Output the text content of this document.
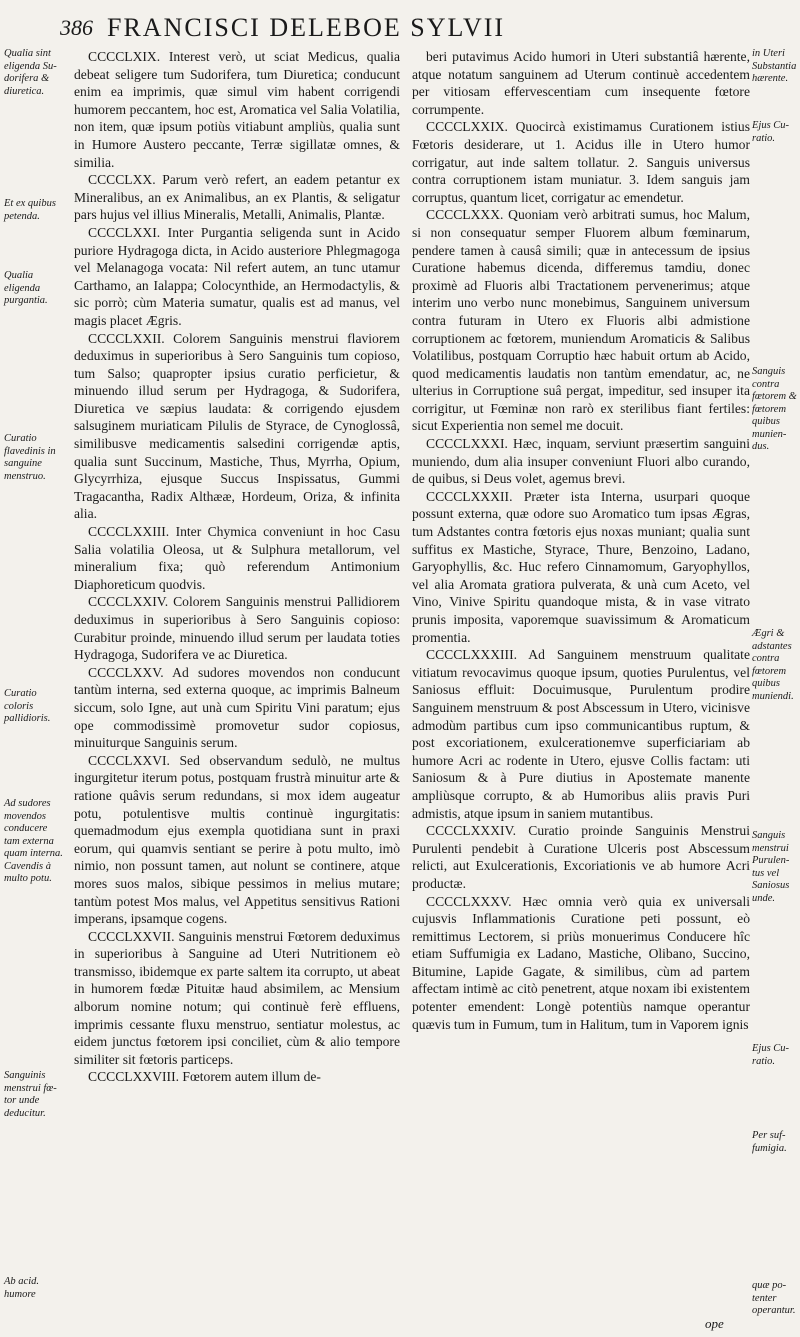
386 FRANCISCI DELEBOE SYLVII
Qualia sint eligenda Sudorifera & diuretica.
Et ex quibus petenda.
Qualia eligenda purgantia.
Curatio flavedinis in sanguine menstruo.
Curatio coloris pallidioris.
Ad sudores movendos conducere tam externa quam interna. Cavendis à multo potu.
Sanguinis menstrui fœtor unde deducitur.
Ab acid. humore

CCCCLXIX. Interest verò, ut sciat Medicus, qualia debeat seligere tum Sudorifera, tum Diuretica; conducunt enim ea imprimis, quæ simul vim habent corrigendi humorem peccantem, hoc est, Aromatica vel Salia Volatilia, non item, quæ ipsum potiùs vitiabunt ampliùs, qualia sunt in Humore Austero peccante, Terræ sigillatæ omnes, & similia.

CCCCLXX. Parum verò refert, an eadem petantur ex Mineralibus, an ex Animalibus, an ex Plantis, & seligatur pars hujus vel illius Mineralis, Metalli, Animalis, Plantæ.

CCCCLXXI. Inter Purgantia seligenda sunt in Acido puriore Hydragoga dicta, in Acido austeriore Phlegmagoga vel Melanagoga vocata: Nil refert autem, an tunc utamur Carthamo, an Ialappa; Colocynthide, an Hermodactylis, & sic porrò; cùm Materia sumatur, qualis est ad manus, vel magis placet Ægris.

CCCCLXXII. Colorem Sanguinis menstrui flaviorem deduximus in superioribus à Sero Sanguinis tum copioso, tum Salso; quapropter ipsius curatio perficietur, & minuendo illud serum per Hydragoga, & Sudorifera, Diuretica ve sæpius laudata: & corrigendo ejusdem salsuginem muriaticam Pilulis de Styrace, de Cynoglossâ, similibusve medicamentis salsedini corrigendæ aptis, qualia sunt Succinum, Mastiche, Thus, Myrrha, Opium, Glycyrrhiza, ejusque Succus Inspissatus, Gummi Tragacantha, Radix Althææ, Hordeum, Oriza, & infinita alia.

CCCCLXXIII. Inter Chymica conveniunt in hoc Casu Salia volatilia Oleosa, ut & Sulphura metallorum, vel mineralium fixa; quò referendum Antimonium Diaphoreticum quodvis.

CCCCLXXIV. Colorem Sanguinis menstrui Pallidiorem deduximus in superioribus à Sero Sanguinis copioso: Curabitur proinde, minuendo illud serum per laudata toties Hydragoga, Sudorifera ve ac Diuretica.

CCCCLXXV. Ad sudores movendos non conducunt tantùm interna, sed externa quoque, ac imprimis Balneum siccum, solo Igne, aut unà cum Spiritu Vini paratum; ejus ope commodissimè promovetur sudor copiosus, minuiturque Sanguinis serum.

CCCCLXXVI. Sed observandum sedulò, ne multus ingurgitetur iterum potus, postquam frustrà minuitur arte & ratione quâvis serum redundans, si mox idem augeatur potu, potulentisve multis continuè ingurgitatis: quemadmodum ejus exempla quotidiana sunt in praxi eorum, qui quamvis sentiant se perire à potu multo, imò nimio, non possunt tamen, aut nolunt se continere, atque mores suos malos, sibique pessimos in melius mutare; tantùm potest Mos malus, vel Appetitus sensitivus Rationi imperans, ipsamque cogens.

CCCCLXXVII. Sanguinis menstrui Fœtorem deduximus in superioribus à Sanguine ad Uteri Nutritionem eò transmisso, ibidemque ex parte saltem ita corrupto, ut abeat in humorem fœdæ Pituitæ haud absimilem, ac Mensium alborum nomine notum; qui continuè ferè effluens, imprimis cessante fluxu menstruo, sentiatur molestus, ac eidem junctus fœtorem ipsi conciliet, cùm & alio tempore similiter sit fœtoris particeps.

CCCCLXXVIII. Fœtorem autem illum de-

beri putavimus Acido humori in Uteri substantiâ hærente, atque notatum sanguinem ad Uterum continuè accedentem per vitiosam effervescentiam cum insequente fœtore corrumpente.

CCCCLXXIX. Quocircà existimamus Curationem istius Fœtoris desiderare, ut 1. Acidus ille in Utero humor corrigatur, aut inde saltem tollatur. 2. Sanguis universus contra corruptionem istam muniatur. 3. Idem sanguis jam corruptus, quantum licet, corrigatur ac emendetur.

CCCCLXXX. Quoniam verò arbitrati sumus, hoc Malum, si non consequatur semper Fluorem album fœminarum, pendere tamen à causâ simili; quæ in antecessum de ipsius Curatione habemus dicenda, differemus tamdiu, donec proximè ad Fluoris albi Tractationem pervenerimus; atque interim uno verbo nunc monebimus, Sanguinem universum contra futuram in Utero ex Fluoris albi admistione corruptionem ac fœtorem, muniendum Aromaticis & Salibus Volatilibus, postquam Corruptio hæc habuit ortum ab Acido, quod medicamentis laudatis non tantùm emendatur, ac, ne ulterius in Corruptione suâ pergat, impeditur, sed insuper ita corrigitur, ut Fœminæ non rarò ex sterilibus fiant fertiles: sicut Experientia non semel me docuit.

CCCCLXXXI. Hæc, inquam, serviunt præsertim sanguini muniendo, dum alia insuper conveniunt Fluori albo curando, de quibus, si Deus volet, agemus brevi.

CCCCLXXXII. Præter ista Interna, usurpari quoque possunt externa, quæ odore suo Aromatico tum ipsas Ægras, tum Adstantes contra fœtoris ejus noxas muniant; qualia sunt suffitus ex Mastiche, Styrace, Thure, Benzoino, Ladano, Garyophyllis, &c. Huc refero Cinnamomum, Garyophyllos, vel alia Aromata gratiora pulverata, & unà cum Aceto, vel Vino, Vinive Spiritu quandoque mista, & in vase vitrato prunis imposita, vaporemque suavissimum & Aromaticum promentia.

CCCCLXXXIII. Ad Sanguinem menstruum qualitate vitiatum revocavimus quoque ipsum, quoties Purulentus, vel Saniosus effluit: Docuimusque, Purulentum prodire Sanguinem menstruum & post Abscessum in Utero, vicinisve admodùm partibus cum ipso communicantibus ruptum, & post excoriationem, exulcerationemve superficiariam ab humore Acri ac rodente in Utero, ejusve Collis factam: uti Saniosum & à Pure diutius in Apostemate manente ampliùsque corrupto, & ab Humoribus aliis pravis Puri admistis, atque ipsum in saniem mutantibus.

CCCCLXXXIV. Curatio proinde Sanguinis Menstrui Purulenti pendebit à Curatione Ulceris post Abscessum relicti, aut Exulcerationis, Excoriationis ve ab humore Acri productæ.

CCCCLXXXV. Hæc omnia verò quia ex universali cujusvis Inflammationis Curatione peti possunt, eò remittimus Lectorem, si priùs monuerimus Conducere hîc etiam Suffumigia ex Ladano, Mastiche, Olibano, Succino, Bitumine, Lapide Gagate, & similibus, cùm ad partem affectam intimè ac citò penetrent, atque noxam ibi existentem potenter emendent: Longè potentiùs namque operantur quævis tum in Fumum, tum in Halitum, tum in Vaporem ignis

in Uteri Substantia hærente.
Ejus Curatio.
Sanguis contra fœtorem & fœtorem quibus muniendus.
Ægri & adstantes contra fœtorem quibus muniendi.
Sanguis menstrui Purulentus vel Saniosus unde.
Ejus Curatio.
Per suffumigia.
quæ potenter operantur.
ope
